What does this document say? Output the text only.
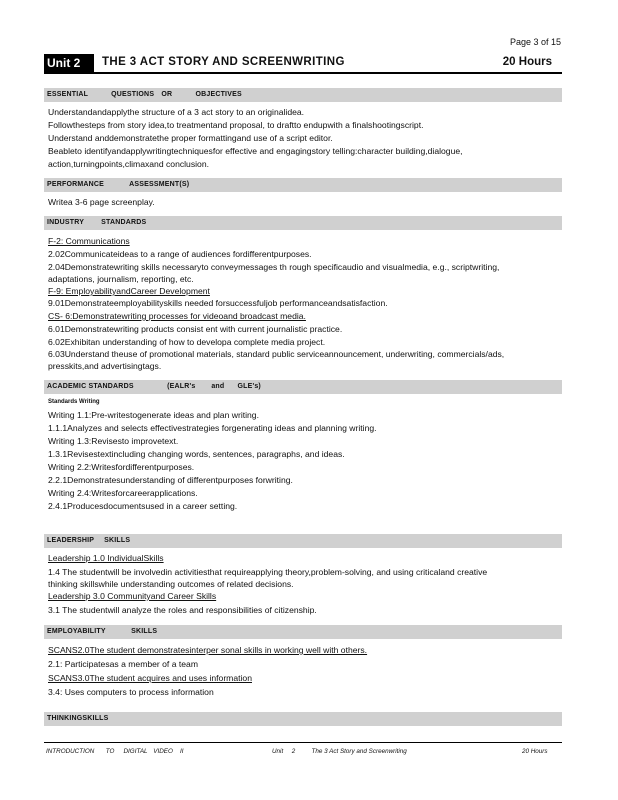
Page 3 of 15
Unit 2	THE 3 ACT STORY AND SCREENWRITING	20 Hours
ESSENTIAL	QUESTIONS OR	OBJECTIVES
Understandandapplythe structure of a 3 act story to an originalidea.
Followthesteps from story idea,to treatmentand proposal, to draftto endupwith a finalshootingscript.
Understand anddemonstratethe proper formattingand use of a script editor.
Beableto identifyandapplywritingtechniquesfor effective and engagingstory telling:character building,dialogue,
action,turningpoints,climaxand conclusion.
PERFORMANCE	ASSESSMENT(S)
Writea 3-6 page screenplay.
INDUSTRY STANDARDS
F-2: Communications
2.02Communicateideas to a range of audiences fordifferentpurposes.
2.04Demonstratewriting skills necessaryto conveymessages th rough specificaudio and visualmedia, e.g., scriptwriting,
adaptations, journalism, reporting, etc.
F-9: EmployabilityandCareer Development
9.01Demonstrateemployabilityskills needed forsuccessfuljob performanceandsatisfaction.
CS- 6:Demonstratewriting processes for videoand broadcast media.
6.01Demonstratewriting products consist ent with current journalistic practice.
6.02Exhibitan understanding of how to developa complete media project.
6.03Understand theuse of promotional materials, standard public serviceannouncement, underwriting, commercials/ads,
presskits,and advertisingtags.
ACADEMIC STANDARDS	(EALR's and GLE's)
Standards Writing
Writing 1.1:Pre-writestogenerate ideas and plan writing.
1.1.1Analyzes and selects effectivestrategies forgenerating ideas and planning writing.
Writing 1.3:Revisesto improvetext.
1.3.1Revisestextincluding changing words, sentences, paragraphs, and ideas.
Writing 2.2:Writesfordifferentpurposes.
2.2.1Demonstratesunderstanding of differentpurposes forwriting.
Writing 2.4:Writesforcareerapplications.
2.4.1Producesdocumentsused in a career setting.
LEADERSHIP SKILLS
Leadership 1.0 IndividualSkills
1.4 The studentwill be involvedin activitiesthat requireapplying theory,problem-solving, and using criticaland creative
thinking skillswhile understanding outcomes of related decisions.
Leadership 3.0 Communityand Career Skills
3.1 The studentwill analyze the roles and responsibilities of citizenship.
EMPLOYABILITY	SKILLS
SCANS2.0The student demonstratesinterper sonal skills in working well with others.
2.1: Participatesas a member of a team
SCANS3.0The student acquires and uses information
3.4: Uses computers to process information
THINKINGSKILLS
INTRODUCTION TO DIGITAL VIDEO II	Unit 2	The 3 Act Story and Screenwriting	20 Hours
